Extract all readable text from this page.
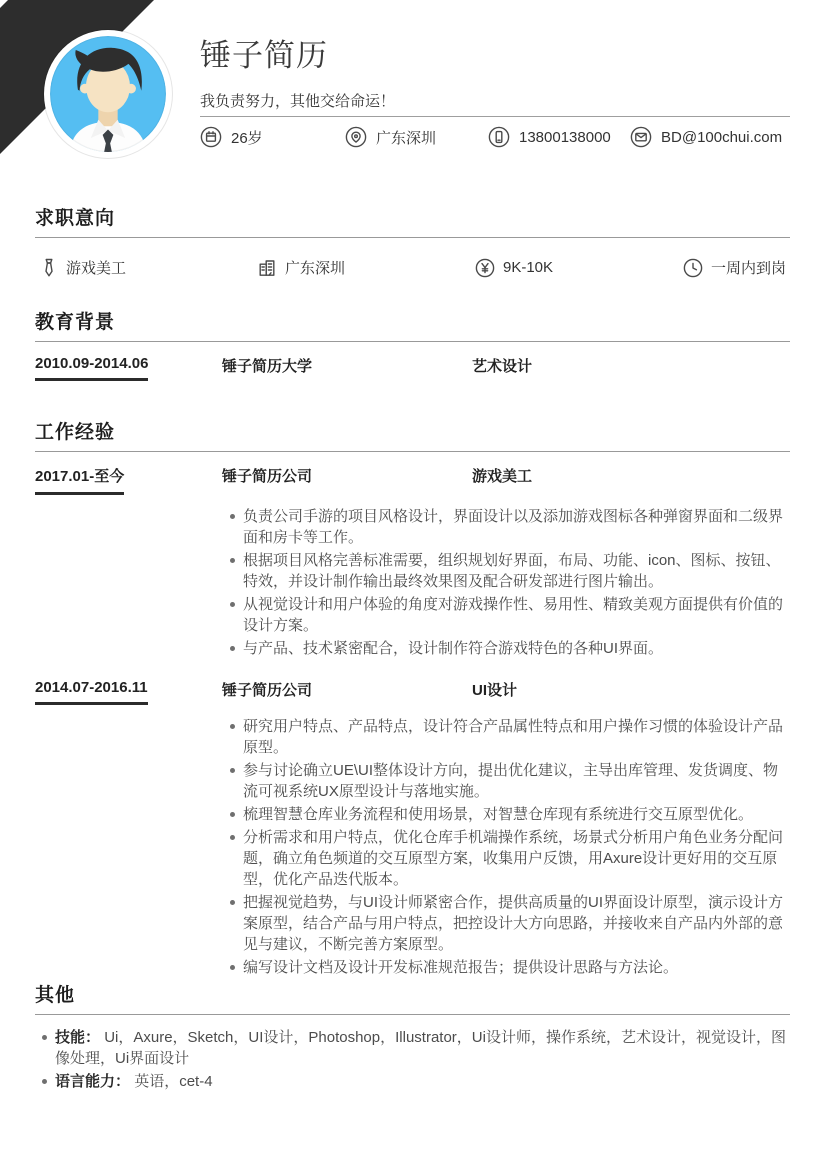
锤子简历
我负责努力，其他交给命运！
26岁	广东深圳	13800138000	BD@100chui.com
求职意向
游戏美工	广东深圳	9K-10K	一周内到岗
教育背景
2010.09-2014.06	锤子简历大学	艺术设计
工作经验
2017.01-至今	锤子简历公司	游戏美工
负责公司手游的项目风格设计，界面设计以及添加游戏图标各种弹窗界面和二级界面和房卡等工作。
根据项目风格完善标准需要，组织规划好界面，布局、功能、icon、图标、按钮、特效，并设计制作输出最终效果图及配合研发部进行图片输出。
从视觉设计和用户体验的角度对游戏操作性、易用性、精致美观方面提供有价值的设计方案。
与产品、技术紧密配合，设计制作符合游戏特色的各种UI界面。
2014.07-2016.11	锤子简历公司	UI设计
研究用户特点、产品特点，设计符合产品属性特点和用户操作习惯的体验设计产品原型。
参与讨论确立UE\UI整体设计方向，提出优化建议，主导出库管理、发货调度、物流可视系统UX原型设计与落地实施。
梳理智慧仓库业务流程和使用场景，对智慧仓库现有系统进行交互原型优化。
分析需求和用户特点，优化仓库手机端操作系统，场景式分析用户角色业务分配问题，确立角色频道的交互原型方案，收集用户反馈，用Axure设计更好用的交互原型，优化产品迭代版本。
把握视觉趋势，与UI设计师紧密合作，提供高质量的UI界面设计原型，演示设计方案原型，结合产品与用户特点，把控设计大方向思路，并接收来自产品内外部的意见与建议，不断完善方案原型。
编写设计文档及设计开发标准规范报告；提供设计思路与方法论。
其他
技能： Ui，Axure，Sketch，UI设计，Photoshop，Illustrator，Ui设计师，操作系统，艺术设计，视觉设计，图像处理，Ui界面设计
语言能力： 英语，cet-4
